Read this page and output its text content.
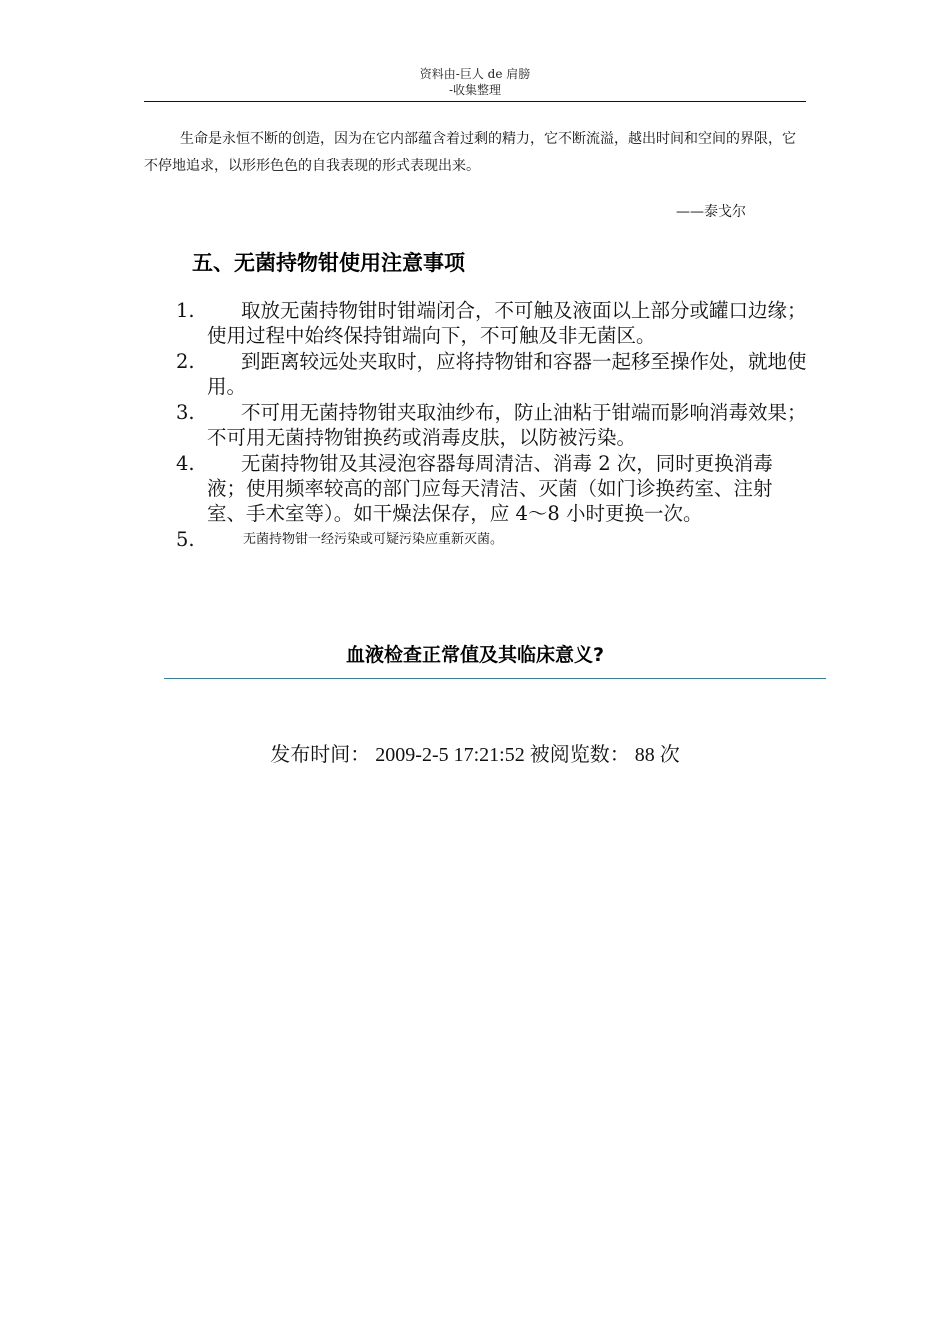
资料由-巨人 de 肩膀
-收集整理
生命是永恒不断的创造，因为在它内部蕴含着过剩的精力，它不断流溢，越出时间和空间的界限，它不停地追求，以形形色色的自我表现的形式表现出来。
——泰戈尔
五、无菌持物钳使用注意事项
1.	取放无菌持物钳时钳端闭合，不可触及液面以上部分或罐口边缘；使用过程中始终保持钳端向下，不可触及非无菌区。
2.	到距离较远处夹取时，应将持物钳和容器一起移至操作处，就地使用。
3.	不可用无菌持物钳夹取油纱布，防止油粘于钳端而影响消毒效果；不可用无菌持物钳换药或消毒皮肤，以防被污染。
4.	无菌持物钳及其浸泡容器每周清洁、消毒 2 次，同时更换消毒液；使用频率较高的部门应每天清洁、灭菌（如门诊换药室、注射室、手术室等）。如干燥法保存，应 4～8 小时更换一次。
5.	无菌持物钳一经污染或可疑污染应重新灭菌。
血液检查正常值及其临床意义?
发布时间： 2009-2-5 17:21:52 被阅览数： 88 次
